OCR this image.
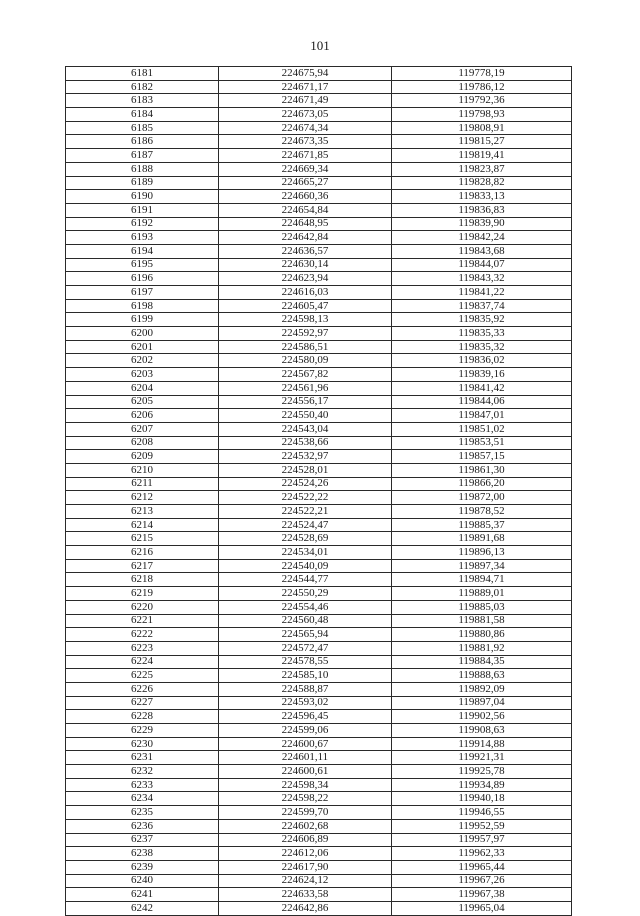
101
6181	224675,94	119778,19
6182	224671,17	119786,12
6183	224671,49	119792,36
6184	224673,05	119798,93
6185	224674,34	119808,91
6186	224673,35	119815,27
6187	224671,85	119819,41
6188	224669,34	119823,87
6189	224665,27	119828,82
6190	224660,36	119833,13
6191	224654,84	119836,83
6192	224648,95	119839,90
6193	224642,84	119842,24
6194	224636,57	119843,68
6195	224630,14	119844,07
6196	224623,94	119843,32
6197	224616,03	119841,22
6198	224605,47	119837,74
6199	224598,13	119835,92
6200	224592,97	119835,33
6201	224586,51	119835,32
6202	224580,09	119836,02
6203	224567,82	119839,16
6204	224561,96	119841,42
6205	224556,17	119844,06
6206	224550,40	119847,01
6207	224543,04	119851,02
6208	224538,66	119853,51
6209	224532,97	119857,15
6210	224528,01	119861,30
6211	224524,26	119866,20
6212	224522,22	119872,00
6213	224522,21	119878,52
6214	224524,47	119885,37
6215	224528,69	119891,68
6216	224534,01	119896,13
6217	224540,09	119897,34
6218	224544,77	119894,71
6219	224550,29	119889,01
6220	224554,46	119885,03
6221	224560,48	119881,58
6222	224565,94	119880,86
6223	224572,47	119881,92
6224	224578,55	119884,35
6225	224585,10	119888,63
6226	224588,87	119892,09
6227	224593,02	119897,04
6228	224596,45	119902,56
6229	224599,06	119908,63
6230	224600,67	119914,88
6231	224601,11	119921,31
6232	224600,61	119925,78
6233	224598,34	119934,89
6234	224598,22	119940,18
6235	224599,70	119946,55
6236	224602,68	119952,59
6237	224606,89	119957,97
6238	224612,06	119962,33
6239	224617,90	119965,44
6240	224624,12	119967,26
6241	224633,58	119967,38
6242	224642,86	119965,04
